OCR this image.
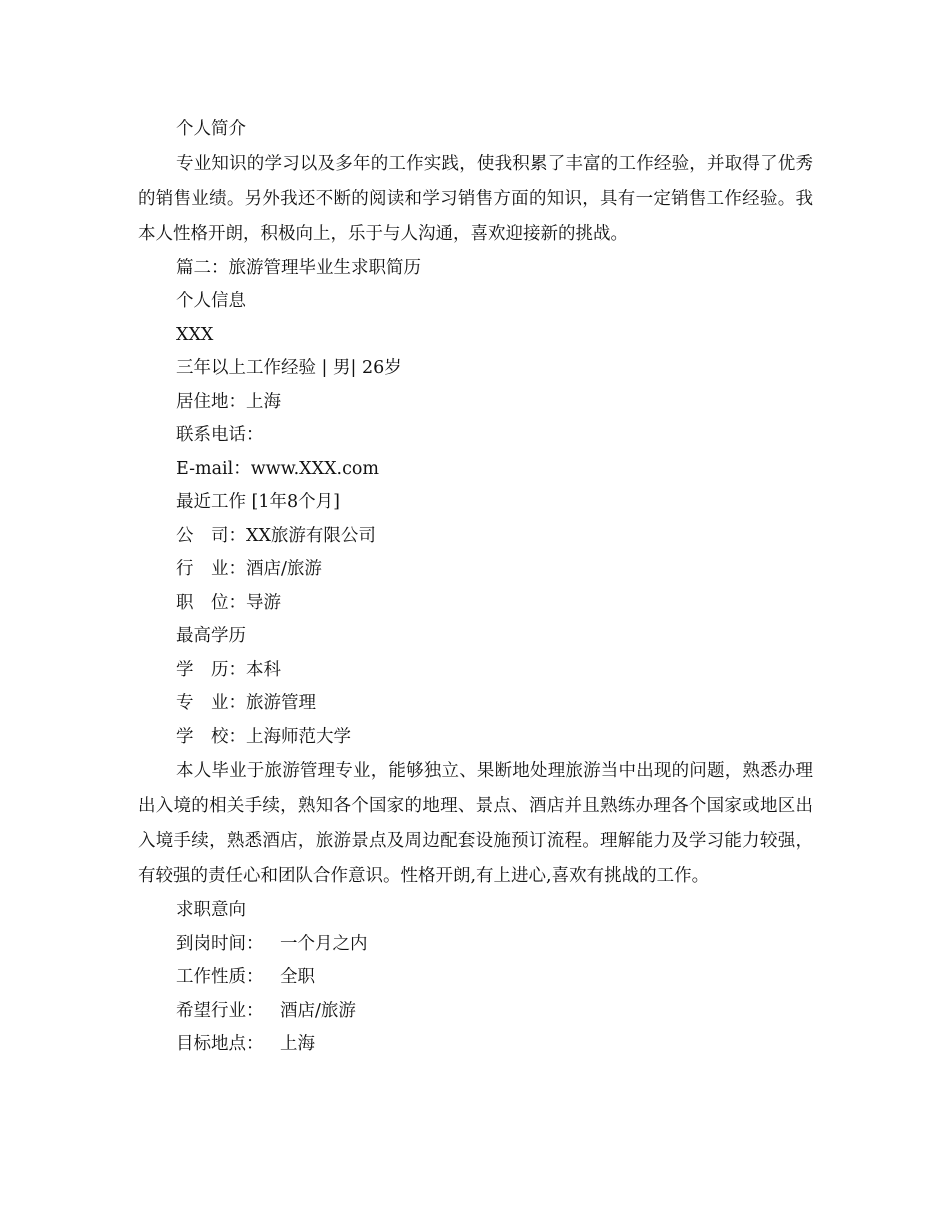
个人简介

专业知识的学习以及多年的工作实践，使我积累了丰富的工作经验，并取得了优秀的销售业绩。另外我还不断的阅读和学习销售方面的知识，具有一定销售工作经验。我本人性格开朗，积极向上，乐于与人沟通，喜欢迎接新的挑战。

篇二：旅游管理毕业生求职简历
个人信息
XXX
三年以上工作经验 | 男| 26岁
居住地：上海
联系电话：
E-mail：www.XXX.com
最近工作 [1年8个月]
公　司：XX旅游有限公司
行　业：酒店/旅游
职　位：导游
最高学历
学　历：本科
专　业：旅游管理
学　校：上海师范大学

本人毕业于旅游管理专业，能够独立、果断地处理旅游当中出现的问题，熟悉办理出入境的相关手续，熟知各个国家的地理、景点、酒店并且熟练办理各个国家或地区出入境手续，熟悉酒店，旅游景点及周边配套设施预订流程。理解能力及学习能力较强，有较强的责任心和团队合作意识。性格开朗,有上进心,喜欢有挑战的工作。

求职意向
到岗时间： 一个月之内
工作性质： 全职
希望行业： 酒店/旅游
目标地点： 上海
